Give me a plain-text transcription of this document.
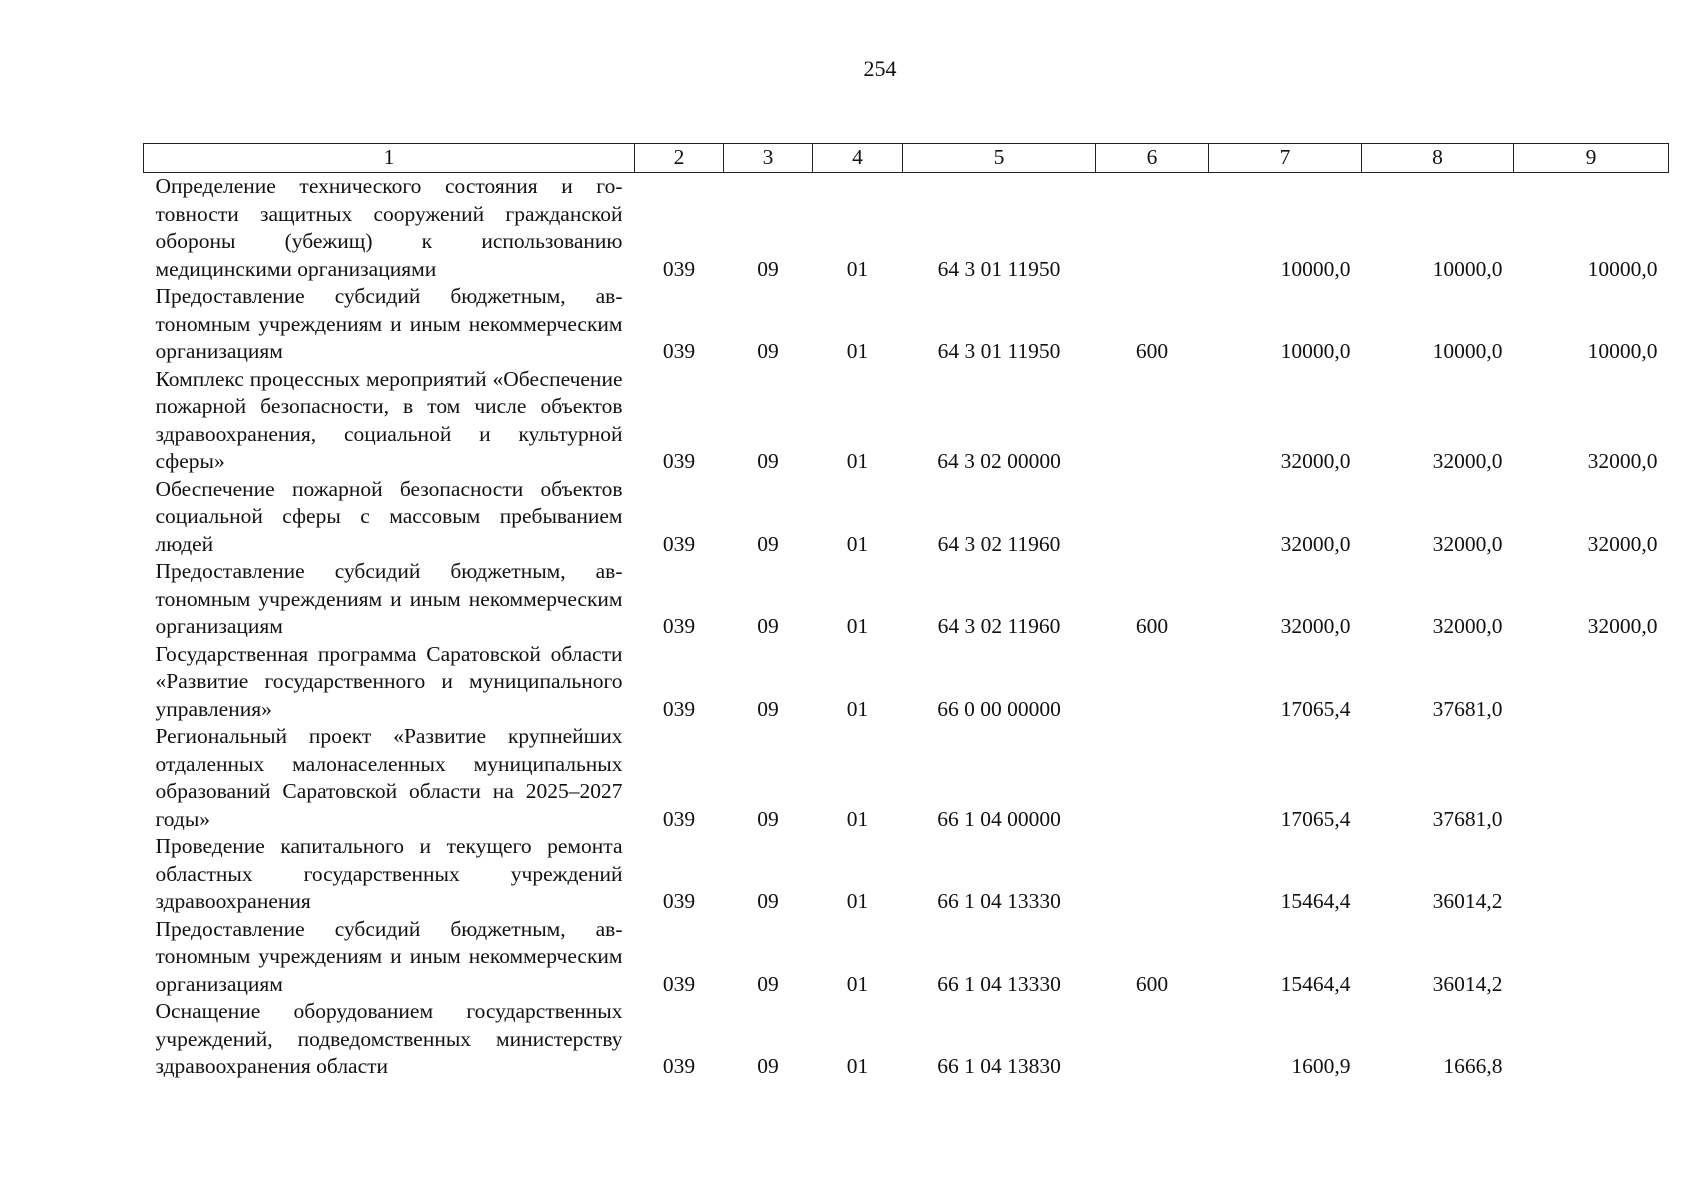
254
1	2	3	4	5	6	7	8	9
Определение технического состояния и готовности защитных сооружений гражданской обороны (убежищ) к использованию медицинскими организациями	039	09	01	64 3 01 11950		10000,0	10000,0	10000,0
Предоставление субсидий бюджетным, автономным учреждениям и иным некоммерческим организациям	039	09	01	64 3 01 11950	600	10000,0	10000,0	10000,0
Комплекс процессных мероприятий «Обеспечение пожарной безопасности, в том числе объектов здравоохранения, социальной и культурной сферы»	039	09	01	64 3 02 00000		32000,0	32000,0	32000,0
Обеспечение пожарной безопасности объектов социальной сферы с массовым пребыванием людей	039	09	01	64 3 02 11960		32000,0	32000,0	32000,0
Предоставление субсидий бюджетным, автономным учреждениям и иным некоммерческим организациям	039	09	01	64 3 02 11960	600	32000,0	32000,0	32000,0
Государственная программа Саратовской области «Развитие государственного и муниципального управления»	039	09	01	66 0 00 00000		17065,4	37681,0	
Региональный проект «Развитие крупнейших отдаленных малонаселенных муниципальных образований Саратовской области на 2025–2027 годы»	039	09	01	66 1 04 00000		17065,4	37681,0	
Проведение капитального и текущего ремонта областных государственных учреждений здравоохранения	039	09	01	66 1 04 13330		15464,4	36014,2	
Предоставление субсидий бюджетным, автономным учреждениям и иным некоммерческим организациям	039	09	01	66 1 04 13330	600	15464,4	36014,2	
Оснащение оборудованием государственных учреждений, подведомственных министерству здравоохранения области	039	09	01	66 1 04 13830		1600,9	1666,8	
